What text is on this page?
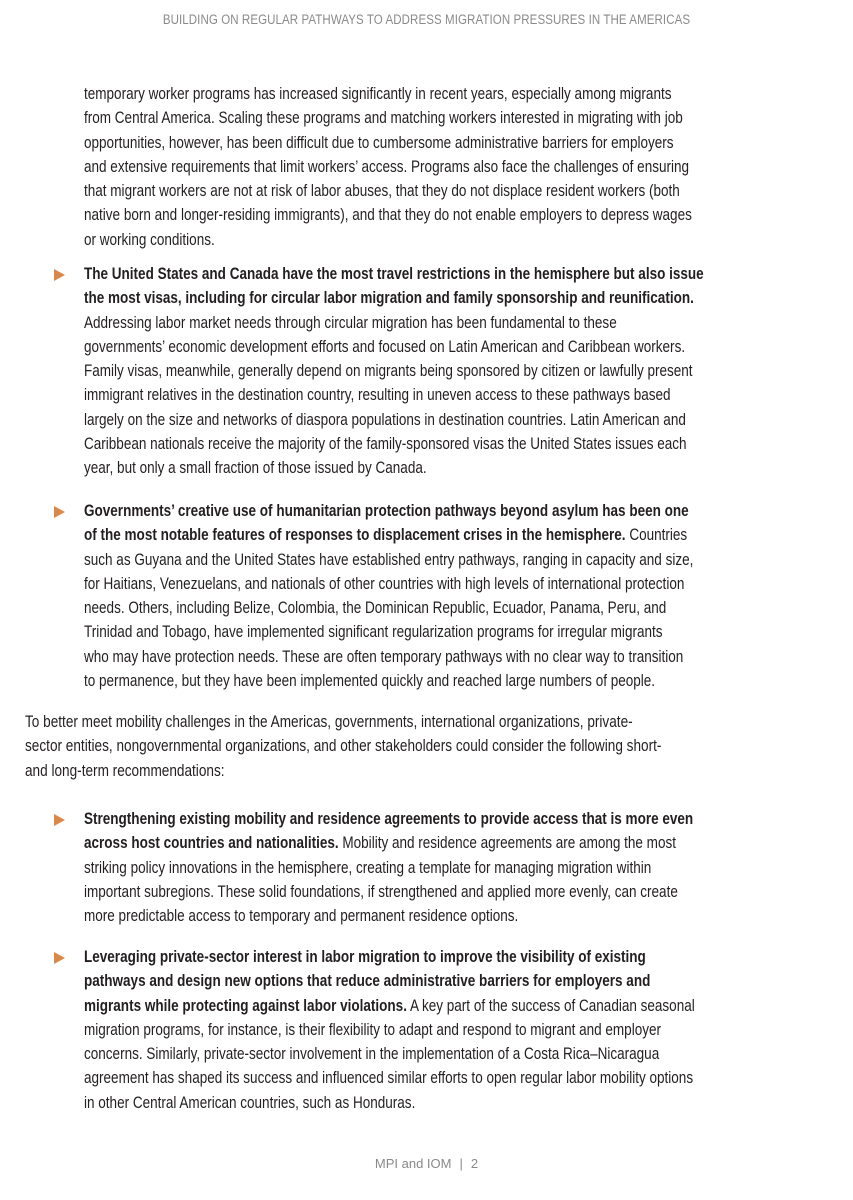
BUILDING ON REGULAR PATHWAYS TO ADDRESS MIGRATION PRESSURES IN THE AMERICAS

temporary worker programs has increased significantly in recent years, especially among migrants

from Central America. Scaling these programs and matching workers interested in migrating with job

opportunities, however, has been difficult due to cumbersome administrative barriers for employers

and extensive requirements that limit workers’ access. Programs also face the challenges of ensuring

that migrant workers are not at risk of labor abuses, that they do not displace resident workers (both

native born and longer-residing immigrants), and that they do not enable employers to depress wages

or working conditions.

The United States and Canada have the most travel restrictions in the hemisphere but also issue

the most visas, including for circular labor migration and family sponsorship and reunification.

Addressing labor market needs through circular migration has been fundamental to these

governments’ economic development efforts and focused on Latin American and Caribbean workers.

Family visas, meanwhile, generally depend on migrants being sponsored by citizen or lawfully present

immigrant relatives in the destination country, resulting in uneven access to these pathways based

largely on the size and networks of diaspora populations in destination countries. Latin American and

Caribbean nationals receive the majority of the family-sponsored visas the United States issues each

year, but only a small fraction of those issued by Canada.

Governments’ creative use of humanitarian protection pathways beyond asylum has been one

of the most notable features of responses to displacement crises in the hemisphere. Countries

such as Guyana and the United States have established entry pathways, ranging in capacity and size,

for Haitians, Venezuelans, and nationals of other countries with high levels of international protection

needs. Others, including Belize, Colombia, the Dominican Republic, Ecuador, Panama, Peru, and

Trinidad and Tobago, have implemented significant regularization programs for irregular migrants

who may have protection needs. These are often temporary pathways with no clear way to transition

to permanence, but they have been implemented quickly and reached large numbers of people.

To better meet mobility challenges in the Americas, governments, international organizations, private-

sector entities, nongovernmental organizations, and other stakeholders could consider the following short-

and long-term recommendations:

Strengthening existing mobility and residence agreements to provide access that is more even

across host countries and nationalities. Mobility and residence agreements are among the most

striking policy innovations in the hemisphere, creating a template for managing migration within

important subregions. These solid foundations, if strengthened and applied more evenly, can create

more predictable access to temporary and permanent residence options.

Leveraging private-sector interest in labor migration to improve the visibility of existing

pathways and design new options that reduce administrative barriers for employers and

migrants while protecting against labor violations. A key part of the success of Canadian seasonal

migration programs, for instance, is their flexibility to adapt and respond to migrant and employer

concerns. Similarly, private-sector involvement in the implementation of a Costa Rica–Nicaragua

agreement has shaped its success and influenced similar efforts to open regular labor mobility options

in other Central American countries, such as Honduras.

MPI and IOM | 2
